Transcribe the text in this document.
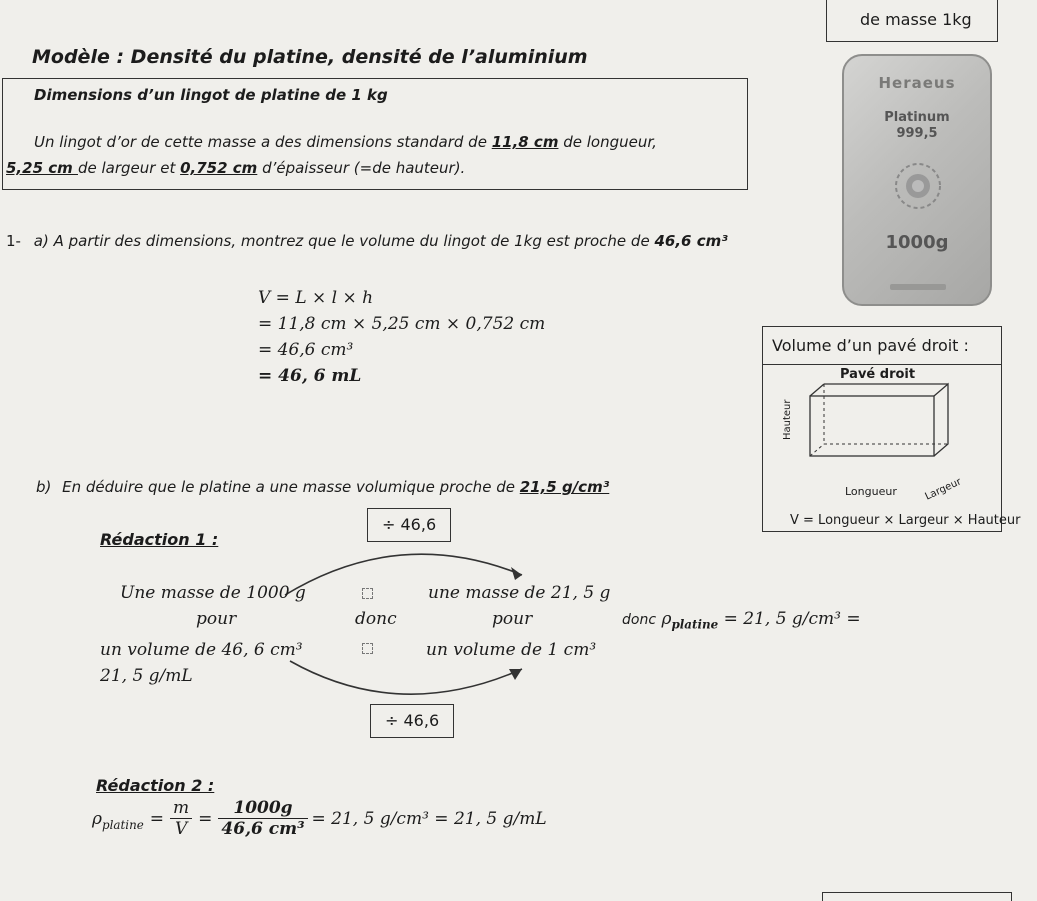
de masse 1kg
Modèle : Densité du platine, densité de l’aluminium
Dimensions d’un lingot de platine de 1 kg
Un lingot d’or de cette masse a des dimensions standard de 11,8 cm de longueur,
5,25 cm de largeur et 0,752 cm d’épaisseur (=de hauteur).
Heraeus
Platinum
999,5
1000g
1- a) A partir des dimensions, montrez que le volume du lingot de 1kg est proche de 46,6 cm³
V = L × l × h
= 11,8 cm × 5,25 cm × 0,752 cm
= 46,6 cm³
= 46, 6 mL
Volume d’un pavé droit :
Pavé droit
Hauteur
Longueur	Largeur
V = Longueur × Largeur × Hauteur
b) En déduire que le platine a une masse volumique proche de 21,5 g/cm³
Rédaction 1 :
÷ 46,6
Une masse de 1000 g	une masse de 21, 5 g
pour	donc	pour	donc $\rho_{platine} = 21$, 5 g/cm³ =
un volume de 46, 6 cm³	un volume de 1 cm³
21, 5 g/mL
÷ 46,6
Rédaction 2 :
$\rho_{platine} = \frac{m}{V} = \frac{1000g}{\text{46,6 cm³}} = 21$, 5 g/cm³ = 21, 5 g/mL
